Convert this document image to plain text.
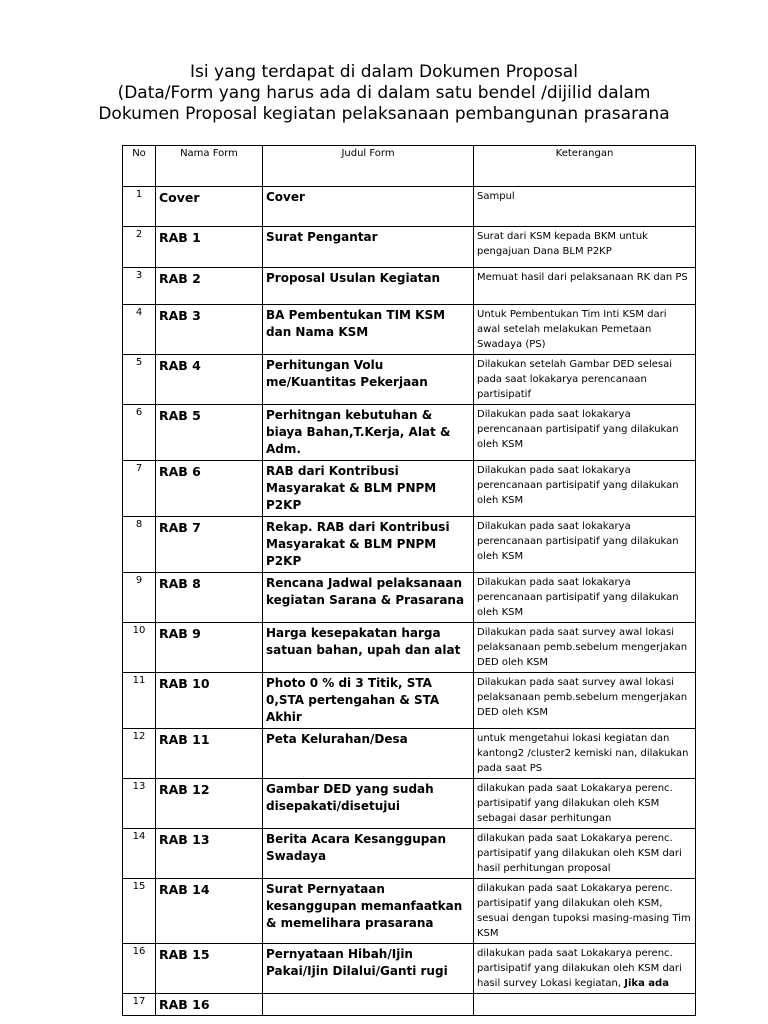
Isi yang terdapat di dalam Dokumen Proposal
(Data/Form yang harus ada di dalam satu bendel /dijilid dalam
Dokumen Proposal kegiatan pelaksanaan pembangunan prasarana
No	Nama Form	Judul Form	Keterangan
1	Cover	Cover	Sampul
2	RAB 1	Surat Pengantar	Surat dari KSM kepada BKM untuk pengajuan Dana BLM P2KP
3	RAB 2	Proposal Usulan Kegiatan	Memuat hasil dari pelaksanaan RK dan PS
4	RAB 3	BA Pembentukan TIM KSM dan Nama KSM	Untuk Pembentukan Tim Inti KSM dari awal setelah melakukan Pemetaan Swadaya (PS)
5	RAB 4	Perhitungan Volu me/Kuantitas Pekerjaan	Dilakukan setelah Gambar DED selesai pada saat lokakarya perencanaan partisipatif
6	RAB 5	Perhitngan kebutuhan & biaya Bahan,T.Kerja, Alat & Adm.	Dilakukan pada saat lokakarya perencanaan partisipatif yang dilakukan oleh KSM
7	RAB 6	RAB dari Kontribusi Masyarakat & BLM PNPM P2KP	Dilakukan pada saat lokakarya perencanaan partisipatif yang dilakukan oleh KSM
8	RAB 7	Rekap. RAB dari Kontribusi Masyarakat & BLM PNPM P2KP	Dilakukan pada saat lokakarya perencanaan partisipatif yang dilakukan oleh KSM
9	RAB 8	Rencana Jadwal pelaksanaan kegiatan Sarana & Prasarana	Dilakukan pada saat lokakarya perencanaan partisipatif yang dilakukan oleh KSM
10	RAB 9	Harga kesepakatan harga satuan bahan, upah dan alat	Dilakukan pada saat survey awal lokasi pelaksanaan pemb.sebelum mengerjakan DED oleh KSM
11	RAB 10	Photo 0 % di 3 Titik, STA 0,STA pertengahan & STA Akhir	Dilakukan pada saat survey awal lokasi pelaksanaan pemb.sebelum mengerjakan DED oleh KSM
12	RAB 11	Peta Kelurahan/Desa	untuk mengetahui lokasi kegiatan dan kantong2 /cluster2 kemiski nan, dilakukan pada saat PS
13	RAB 12	Gambar DED yang sudah disepakati/disetujui	dilakukan pada saat Lokakarya perenc. partisipatif yang dilakukan oleh KSM sebagai dasar perhitungan
14	RAB 13	Berita Acara Kesanggupan Swadaya	dilakukan pada saat Lokakarya perenc. partisipatif yang dilakukan oleh KSM dari hasil perhitungan proposal
15	RAB 14	Surat Pernyataan kesanggupan memanfaatkan & memelihara prasarana	dilakukan pada saat Lokakarya perenc. partisipatif yang dilakukan oleh KSM, sesuai dengan tupoksi masing-masing Tim KSM
16	RAB 15	Pernyataan Hibah/Ijin Pakai/Ijin Dilalui/Ganti rugi	dilakukan pada saat Lokakarya perenc. partisipatif yang dilakukan oleh KSM dari hasil survey Lokasi kegiatan, Jika ada
17	RAB 16		
